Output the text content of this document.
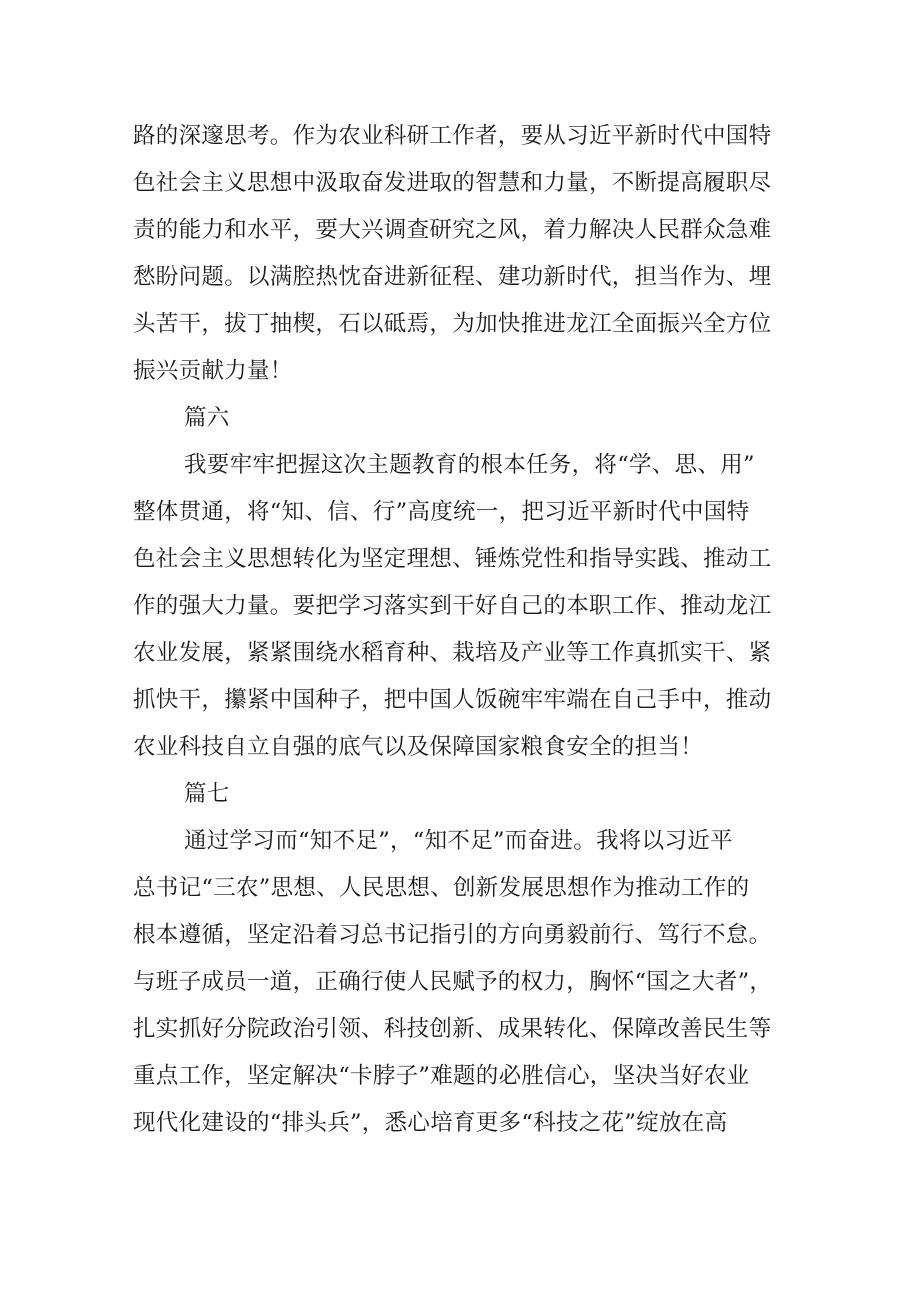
路的深邃思考。作为农业科研工作者，要从习近平新时代中国特
色社会主义思想中汲取奋发进取的智慧和力量，不断提高履职尽
责的能力和水平，要大兴调查研究之风，着力解决人民群众急难
愁盼问题。以满腔热忱奋进新征程、建功新时代，担当作为、埋
头苦干，拔丁抽楔，石以砥焉，为加快推进龙江全面振兴全方位
振兴贡献力量！
篇六
我要牢牢把握这次主题教育的根本任务，将“学、思、用”
整体贯通，将“知、信、行”高度统一，把习近平新时代中国特
色社会主义思想转化为坚定理想、锤炼党性和指导实践、推动工
作的强大力量。要把学习落实到干好自己的本职工作、推动龙江
农业发展，紧紧围绕水稻育种、栽培及产业等工作真抓实干、紧
抓快干，攥紧中国种子，把中国人饭碗牢牢端在自己手中，推动
农业科技自立自强的底气以及保障国家粮食安全的担当！
篇七
通过学习而“知不足”，“知不足”而奋进。我将以习近平
总书记“三农”思想、人民思想、创新发展思想作为推动工作的
根本遵循，坚定沿着习总书记指引的方向勇毅前行、笃行不怠。
与班子成员一道，正确行使人民赋予的权力，胸怀“国之大者”，
扎实抓好分院政治引领、科技创新、成果转化、保障改善民生等
重点工作，坚定解决“卡脖子”难题的必胜信心，坚决当好农业
现代化建设的“排头兵”，悉心培育更多“科技之花”绽放在高
